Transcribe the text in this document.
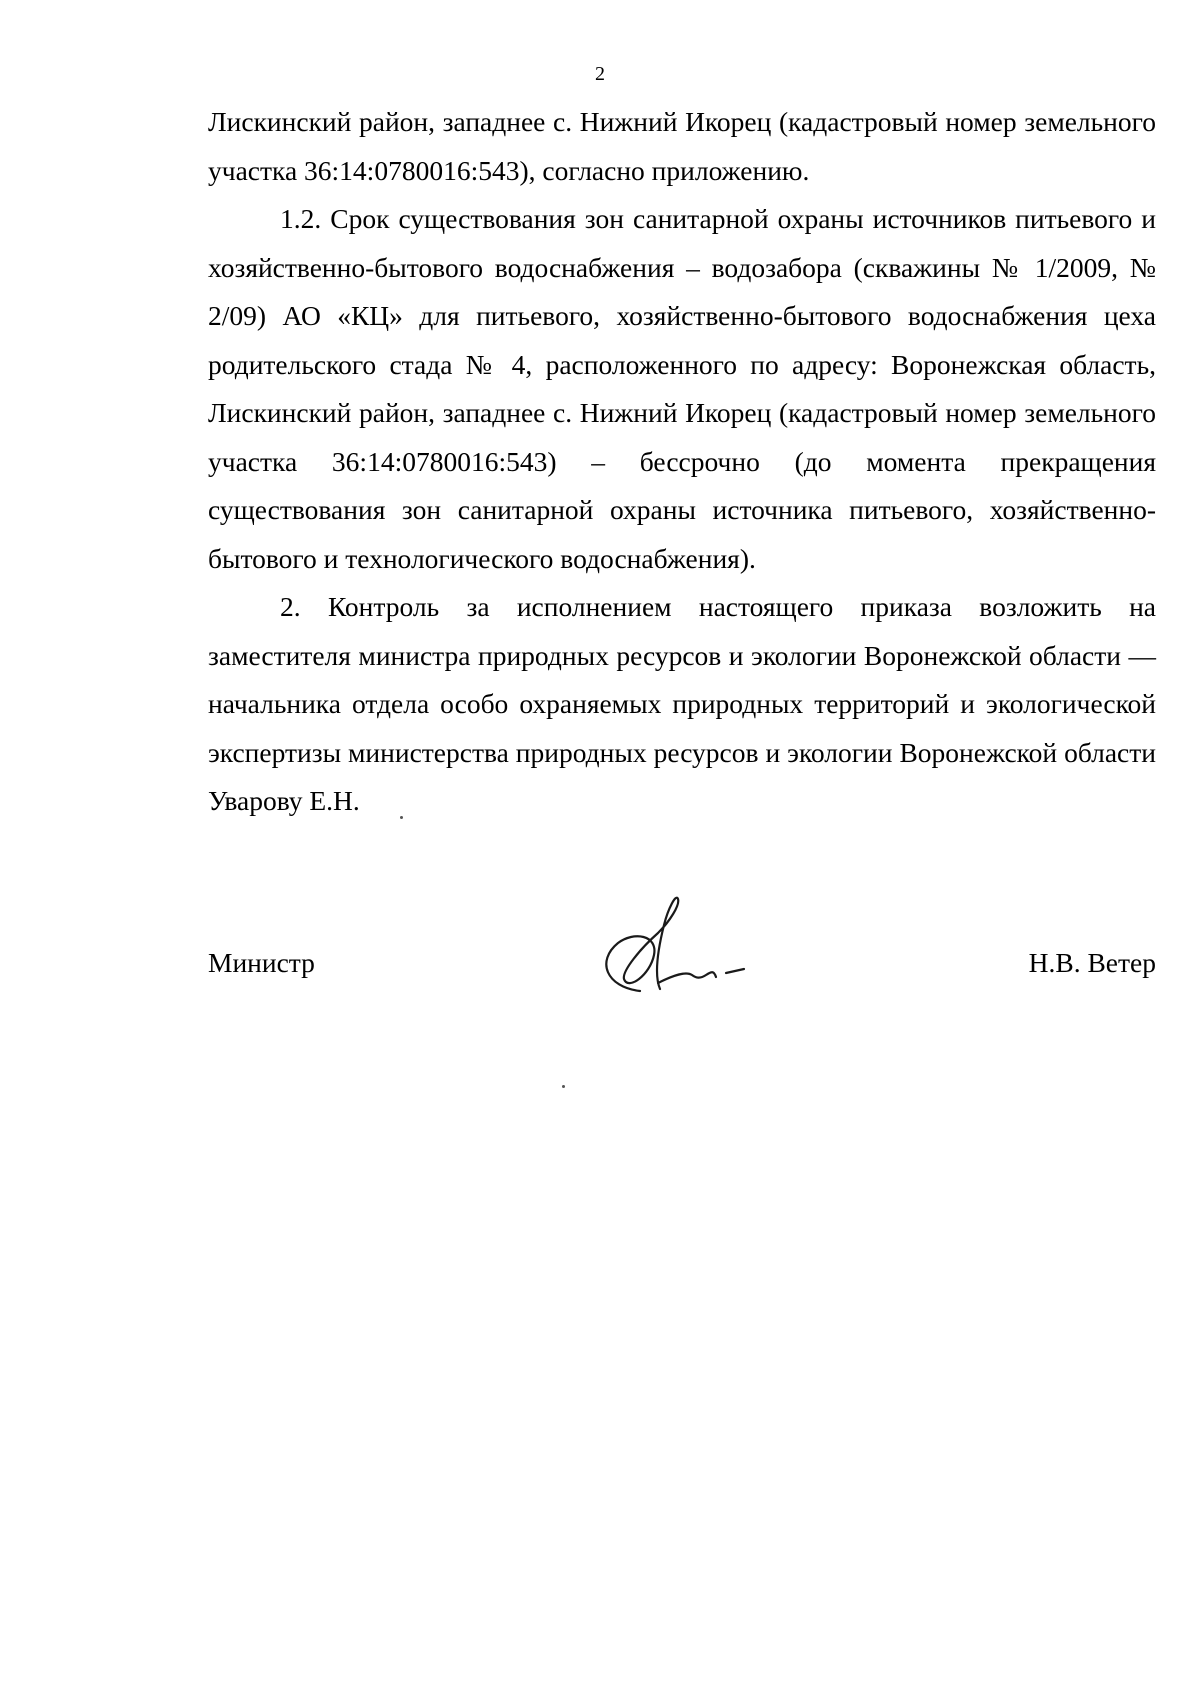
2

Лискинский район, западнее с. Нижний Икорец (кадастровый номер земельного участка 36:14:0780016:543), согласно приложению.

1.2. Срок существования зон санитарной охраны источников питьевого и хозяйственно-бытового водоснабжения – водозабора (скважины № 1/2009, № 2/09) АО «КЦ» для питьевого, хозяйственно-бытового водоснабжения цеха родительского стада № 4, расположенного по адресу: Воронежская область, Лискинский район, западнее с. Нижний Икорец (кадастровый номер земельного участка 36:14:0780016:543) – бессрочно (до момента прекращения существования зон санитарной охраны источника питьевого, хозяйственно-бытового и технологического водоснабжения).

2. Контроль за исполнением настоящего приказа возложить на заместителя министра природных ресурсов и экологии Воронежской области — начальника отдела особо охраняемых природных территорий и экологической экспертизы министерства природных ресурсов и экологии Воронежской области Уварову Е.Н.

Министр	Н.В. Ветер
